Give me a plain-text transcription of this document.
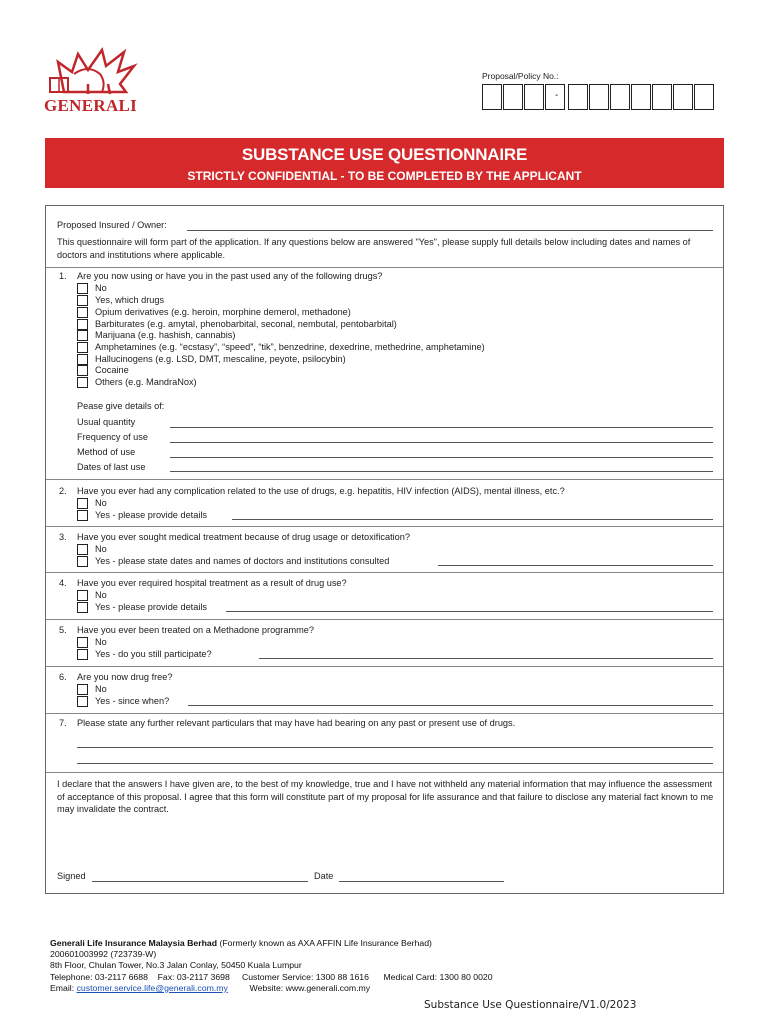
GENERALI
Proposal/Policy No.:
-
SUBSTANCE USE QUESTIONNAIRE
STRICTLY CONFIDENTIAL - TO BE COMPLETED BY THE APPLICANT
Proposed Insured / Owner:
This questionnaire will form part of the application. If any questions below are answered "Yes", please supply full details below including dates and names of doctors and institutions where applicable.
1. Are you now using or have you in the past used any of the following drugs?
No
Yes, which drugs
Opium derivatives (e.g. heroin, morphine demerol, methadone)
Barbiturates (e.g. amytal, phenobarbital, seconal, nembutal, pentobarbital)
Marijuana (e.g. hashish, cannabis)
Amphetamines (e.g. “ecstasy”, “speed”, “tik”, benzedrine, dexedrine, methedrine, amphetamine)
Hallucinogens (e.g. LSD, DMT, mescaline, peyote, psilocybin)
Cocaine
Others (e.g. MandraNox)
Pease give details of:
Usual quantity
Frequency of use
Method of use
Dates of last use
2. Have you ever had any complication related to the use of drugs, e.g. hepatitis, HIV infection (AIDS), mental illness, etc.?
No
Yes - please provide details
3. Have you ever sought medical treatment because of drug usage or detoxification?
No
Yes - please state dates and names of doctors and institutions consulted
4. Have you ever required hospital treatment as a result of drug use?
No
Yes - please provide details
5. Have you ever been treated on a Methadone programme?
No
Yes - do you still participate?
6. Are you now drug free?
No
Yes - since when?
7. Please state any further relevant particulars that may have had bearing on any past or present use of drugs.
I declare that the answers I have given are, to the best of my knowledge, true and I have not withheld any material information that may influence the assessment of acceptance of this proposal. I agree that this form will constitute part of my proposal for life assurance and that failure to disclose any material fact known to me may invalidate the contract.
Signed	Date
Generali Life Insurance Malaysia Berhad (Formerly known as AXA AFFIN Life Insurance Berhad)
200601003992 (723739-W)
8th Floor, Chulan Tower, No.3 Jalan Conlay, 50450 Kuala Lumpur
Telephone: 03-2117 6688 Fax: 03-2117 3698 Customer Service: 1300 88 1616 Medical Card: 1300 80 0020
Email: customer.service.life@generali.com.my Website: www.generali.com.my
Substance Use Questionnaire/V1.0/2023
